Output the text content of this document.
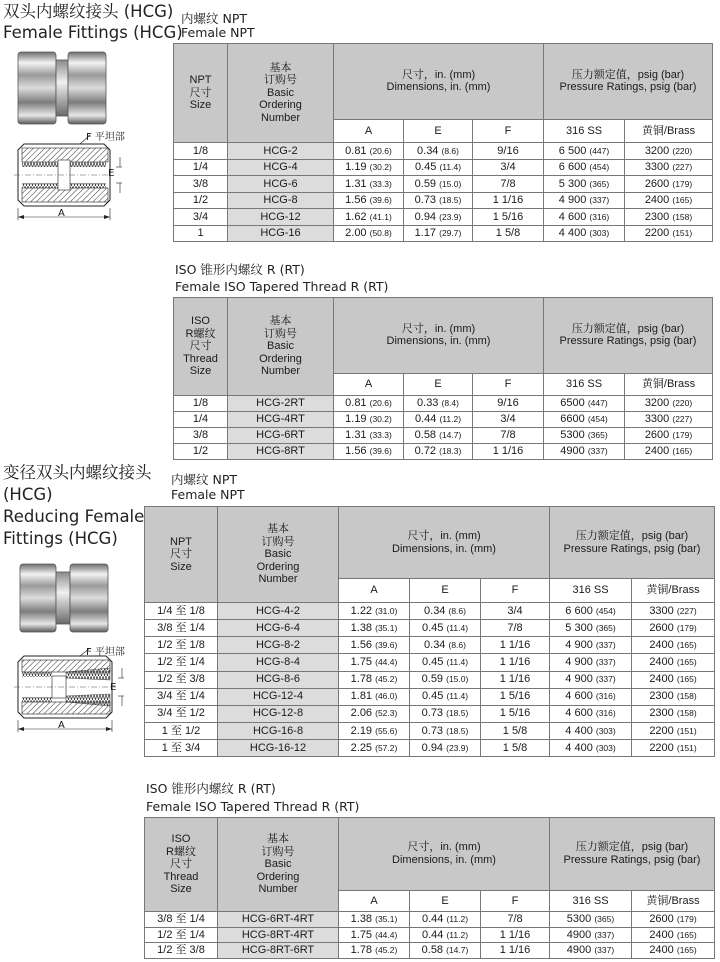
双头内螺纹接头 (HCG)
Female Fittings (HCG)
F 平坦部
E
A
内螺纹 NPT
Female NPT
NPT
尺寸
Size	基本
订购号
Basic
Ordering
Number	尺寸，in. (mm)
Dimensions, in. (mm)			压力额定值，psig (bar)
Pressure Ratings, psig (bar)	

		A	E	F	316 SS	黄铜/Brass
1/8	HCG-2	0.81 (20.6)	0.34 (8.6)	9/16	6 500 (447)	3200 (220)
1/4	HCG-4	1.19 (30.2)	0.45 (11.4)	3/4	6 600 (454)	3300 (227)
3/8	HCG-6	1.31 (33.3)	0.59 (15.0)	7/8	5 300 (365)	2600 (179)
1/2	HCG-8	1.56 (39.6)	0.73 (18.5)	1 1/16	4 900 (337)	2400 (165)
3/4	HCG-12	1.62 (41.1)	0.94 (23.9)	1 5/16	4 600 (316)	2300 (158)
1	HCG-16	2.00 (50.8)	1.17 (29.7)	1 5/8	4 400 (303)	2200 (151)
ISO 锥形内螺纹 R (RT)
Female ISO Tapered Thread R (RT)
ISO
R螺纹
尺寸
Thread
Size	基本
订购号
Basic
Ordering
Number	尺寸，in. (mm)
Dimensions, in. (mm)			压力额定值，psig (bar)
Pressure Ratings, psig (bar)	

		A	E	F	316 SS	黄铜/Brass
1/8	HCG-2RT	0.81 (20.6)	0.33 (8.4)	9/16	6500 (447)	3200 (220)
1/4	HCG-4RT	1.19 (30.2)	0.44 (11.2)	3/4	6600 (454)	3300 (227)
3/8	HCG-6RT	1.31 (33.3)	0.58 (14.7)	7/8	5300 (365)	2600 (179)
1/2	HCG-8RT	1.56 (39.6)	0.72 (18.3)	1 1/16	4900 (337)	2400 (165)
变径双头内螺纹接头
(HCG)
Reducing Female
Fittings (HCG)
F 平坦部
E
A
内螺纹 NPT
Female NPT
NPT
尺寸
Size	基本
订购号
Basic
Ordering
Number	尺寸，in. (mm)
Dimensions, in. (mm)			压力额定值，psig (bar)
Pressure Ratings, psig (bar)	

		A	E	F	316 SS	黄铜/Brass
1/4 至 1/8	HCG-4-2	1.22 (31.0)	0.34 (8.6)	3/4	6 600 (454)	3300 (227)
3/8 至 1/4	HCG-6-4	1.38 (35.1)	0.45 (11.4)	7/8	5 300 (365)	2600 (179)
1/2 至 1/8	HCG-8-2	1.56 (39.6)	0.34 (8.6)	1 1/16	4 900 (337)	2400 (165)
1/2 至 1/4	HCG-8-4	1.75 (44.4)	0.45 (11.4)	1 1/16	4 900 (337)	2400 (165)
1/2 至 3/8	HCG-8-6	1.78 (45.2)	0.59 (15.0)	1 1/16	4 900 (337)	2400 (165)
3/4 至 1/4	HCG-12-4	1.81 (46.0)	0.45 (11.4)	1 5/16	4 600 (316)	2300 (158)
3/4 至 1/2	HCG-12-8	2.06 (52.3)	0.73 (18.5)	1 5/16	4 600 (316)	2300 (158)
1 至 1/2	HCG-16-8	2.19 (55.6)	0.73 (18.5)	1 5/8	4 400 (303)	2200 (151)
1 至 3/4	HCG-16-12	2.25 (57.2)	0.94 (23.9)	1 5/8	4 400 (303)	2200 (151)
ISO 锥形内螺纹 R (RT)
Female ISO Tapered Thread R (RT)
ISO
R螺纹
尺寸
Thread
Size	基本
订购号
Basic
Ordering
Number	尺寸，in. (mm)
Dimensions, in. (mm)			压力额定值，psig (bar)
Pressure Ratings, psig (bar)	

		A	E	F	316 SS	黄铜/Brass
3/8 至 1/4	HCG-6RT-4RT	1.38 (35.1)	0.44 (11.2)	7/8	5300 (365)	2600 (179)
1/2 至 1/4	HCG-8RT-4RT	1.75 (44.4)	0.44 (11.2)	1 1/16	4900 (337)	2400 (165)
1/2 至 3/8	HCG-8RT-6RT	1.78 (45.2)	0.58 (14.7)	1 1/16	4900 (337)	2400 (165)
